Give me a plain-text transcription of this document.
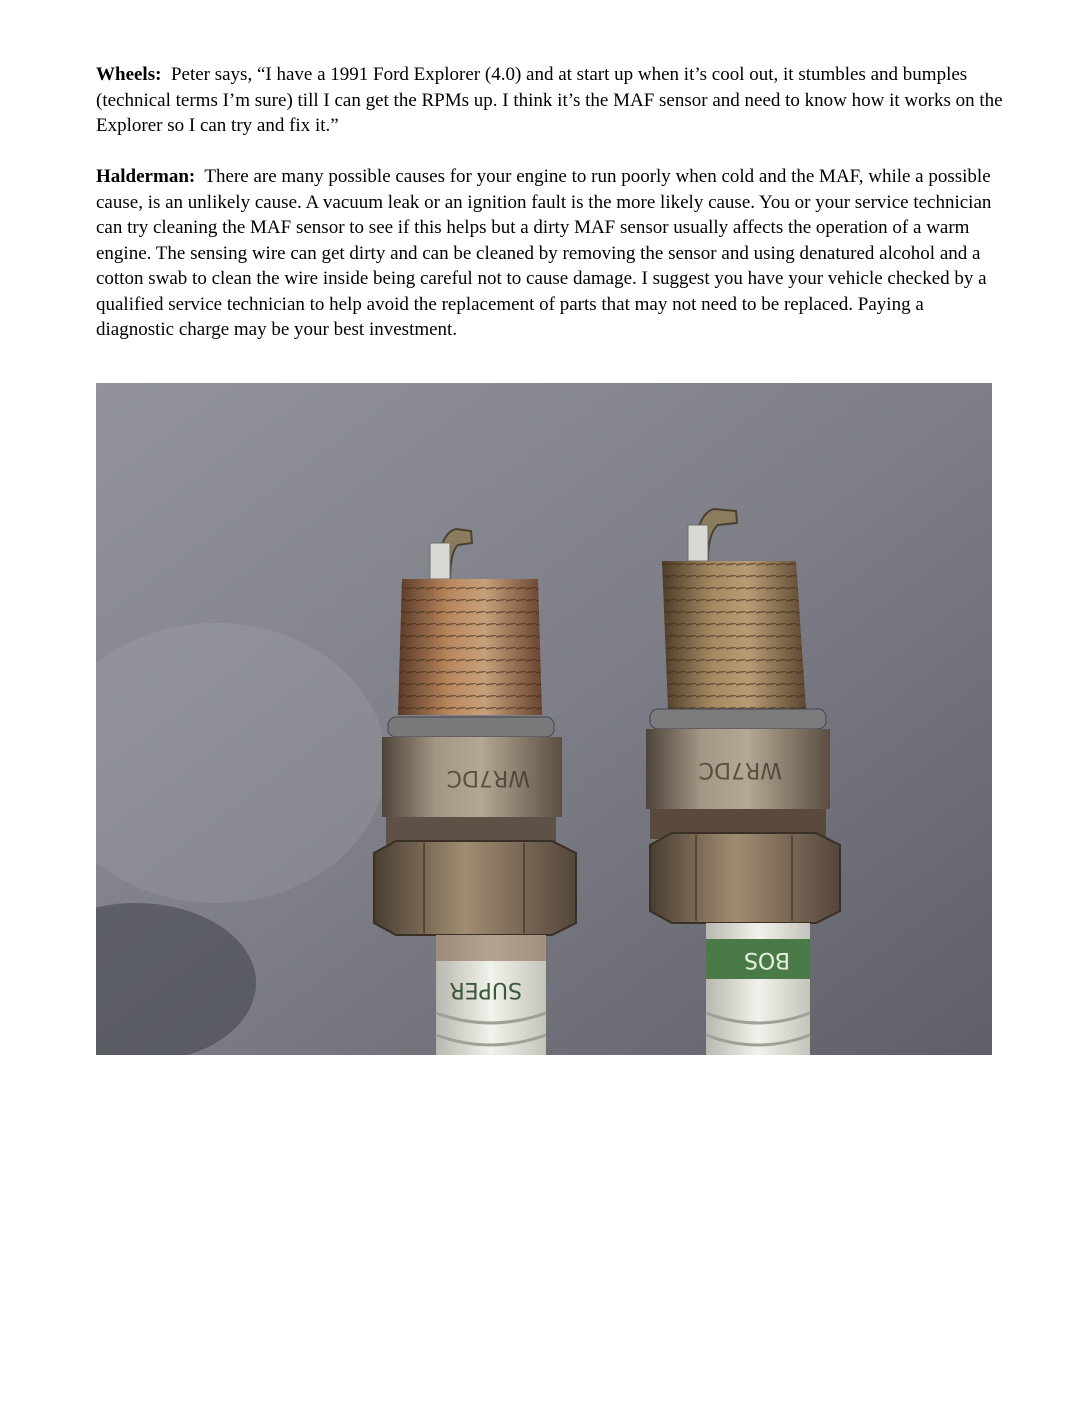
Wheels: Peter says, “I have a 1991 Ford Explorer (4.0) and at start up when it’s cool out, it stumbles and bumples (technical terms I’m sure) till I can get the RPMs up. I think it’s the MAF sensor and need to know how it works on the Explorer so I can try and fix it.”

Halderman: There are many possible causes for your engine to run poorly when cold and the MAF, while a possible cause, is an unlikely cause. A vacuum leak or an ignition fault is the more likely cause. You or your service technician can try cleaning the MAF sensor to see if this helps but a dirty MAF sensor usually affects the operation of a warm engine. The sensing wire can get dirty and can be cleaned by removing the sensor and using denatured alcohol and a cotton swab to clean the wire inside being careful not to cause damage. I suggest you have your vehicle checked by a qualified service technician to help avoid the replacement of parts that may not need to be replaced. Paying a diagnostic charge may be your best investment.

WR7DC
SUPER
WR7DC
BOS
